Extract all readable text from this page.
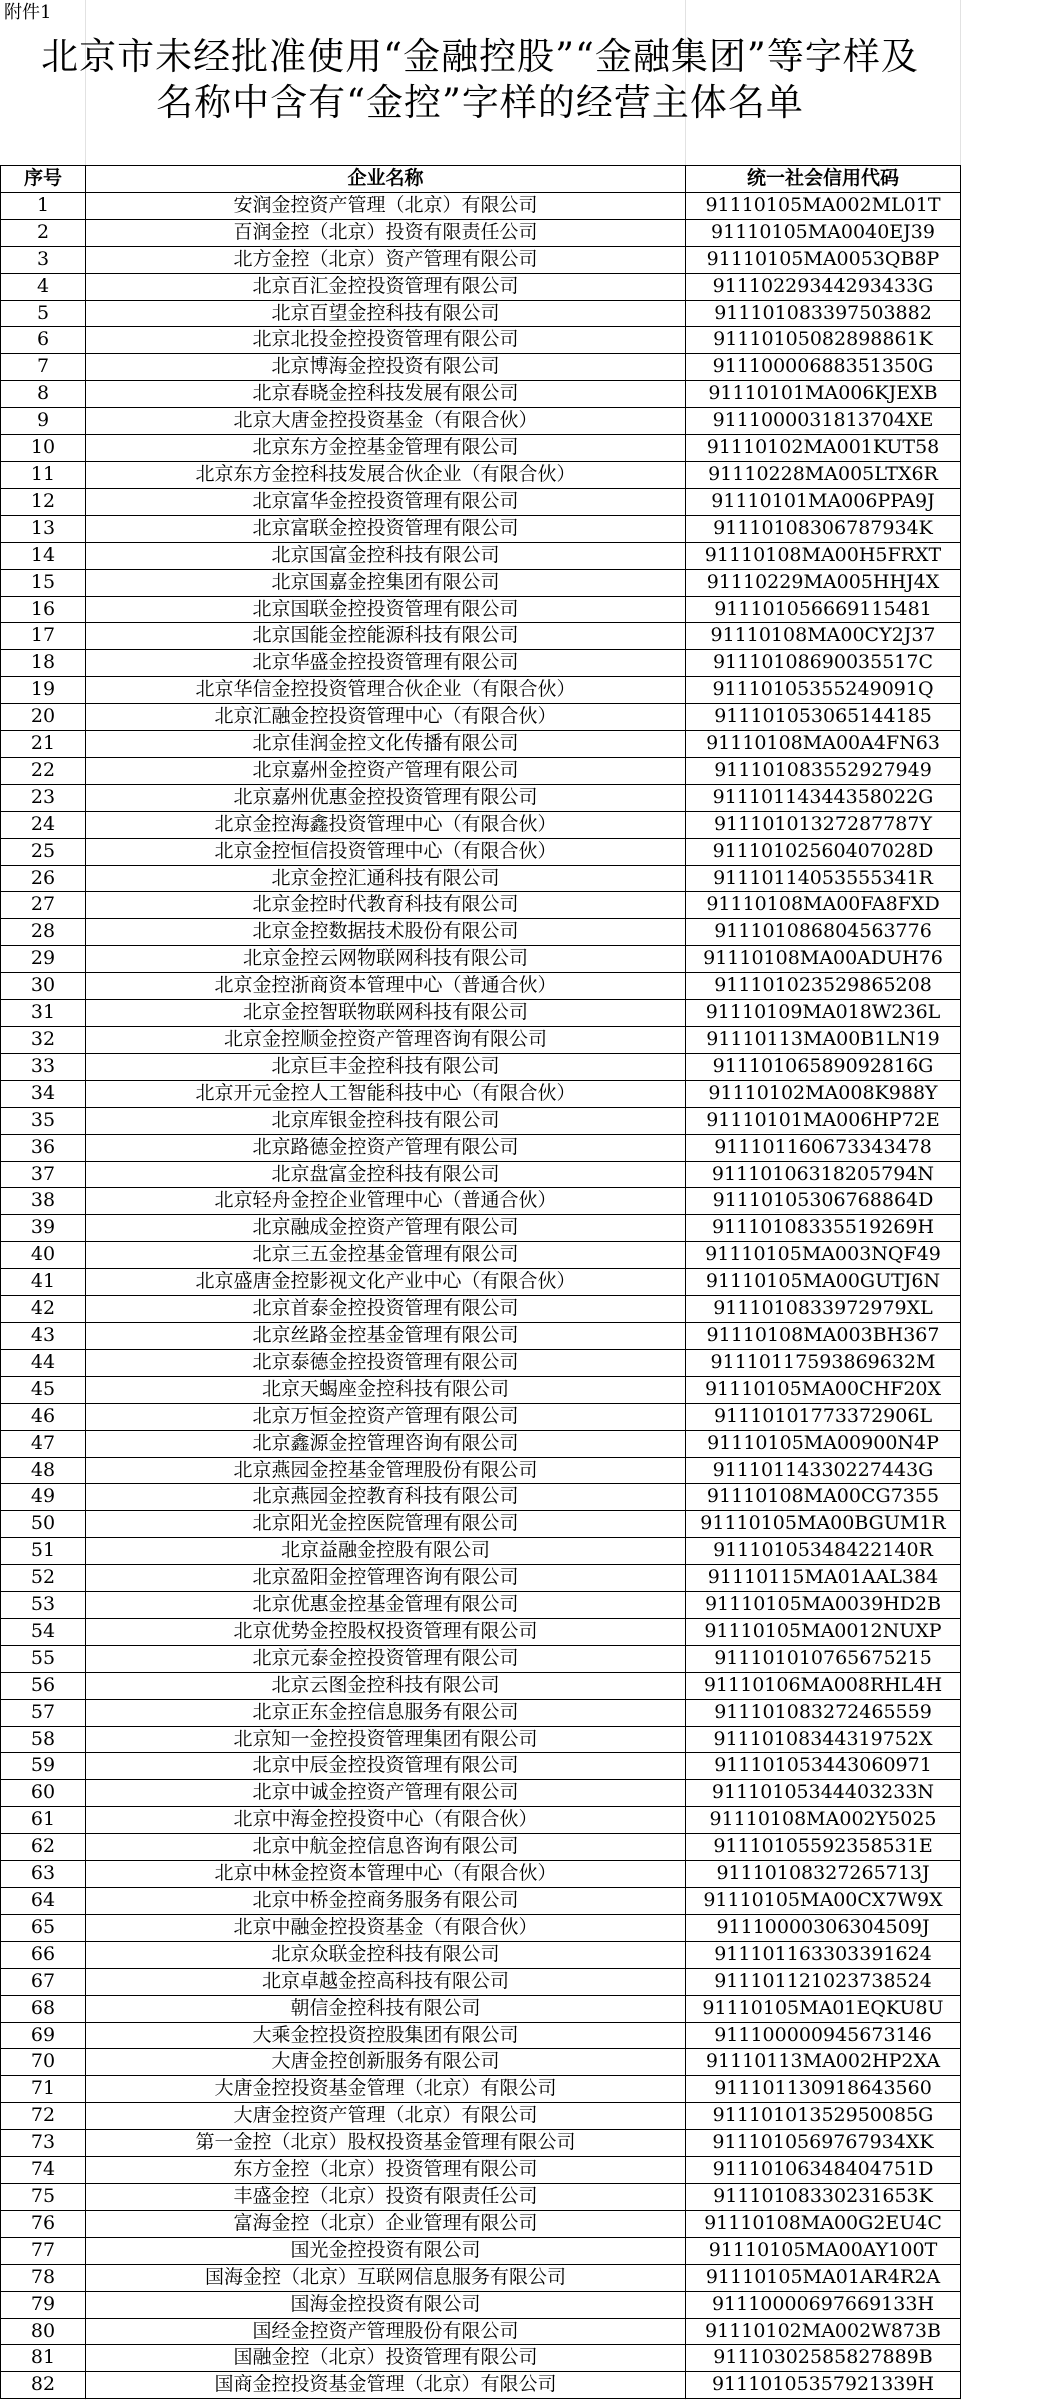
附件1
北京市未经批准使用“金融控股”“金融集团”等字样及
名称中含有“金控”字样的经营主体名单
序号	企业名称	统一社会信用代码
1	安润金控资产管理（北京）有限公司	91110105MA002ML01T
2	百润金控（北京）投资有限责任公司	91110105MA0040EJ39
3	北方金控（北京）资产管理有限公司	91110105MA0053QB8P
4	北京百汇金控投资管理有限公司	91110229344293433G
5	北京百望金控科技有限公司	911101083397503882
6	北京北投金控投资管理有限公司	91110105082898861K
7	北京博海金控投资有限公司	91110000688351350G
8	北京春晓金控科技发展有限公司	91110101MA006KJEXB
9	北京大唐金控投资基金（有限合伙）	9111000031813704XE
10	北京东方金控基金管理有限公司	91110102MA001KUT58
11	北京东方金控科技发展合伙企业（有限合伙）	91110228MA005LTX6R
12	北京富华金控投资管理有限公司	91110101MA006PPA9J
13	北京富联金控投资管理有限公司	91110108306787934K
14	北京国富金控科技有限公司	91110108MA00H5FRXT
15	北京国嘉金控集团有限公司	91110229MA005HHJ4X
16	北京国联金控投资管理有限公司	911101056669115481
17	北京国能金控能源科技有限公司	91110108MA00CY2J37
18	北京华盛金控投资管理有限公司	91110108690035517C
19	北京华信金控投资管理合伙企业（有限合伙）	91110105355249091Q
20	北京汇融金控投资管理中心（有限合伙）	911101053065144185
21	北京佳润金控文化传播有限公司	91110108MA00A4FN63
22	北京嘉州金控资产管理有限公司	911101083552927949
23	北京嘉州优惠金控投资管理有限公司	91110114344358022G
24	北京金控海鑫投资管理中心（有限合伙）	91110101327287787Y
25	北京金控恒信投资管理中心（有限合伙）	91110102560407028D
26	北京金控汇通科技有限公司	91110114053555341R
27	北京金控时代教育科技有限公司	91110108MA00FA8FXD
28	北京金控数据技术股份有限公司	911101086804563776
29	北京金控云网物联网科技有限公司	91110108MA00ADUH76
30	北京金控浙商资本管理中心（普通合伙）	911101023529865208
31	北京金控智联物联网科技有限公司	91110109MA018W236L
32	北京金控顺金控资产管理咨询有限公司	91110113MA00B1LN19
33	北京巨丰金控科技有限公司	91110106589092816G
34	北京开元金控人工智能科技中心（有限合伙）	91110102MA008K988Y
35	北京库银金控科技有限公司	91110101MA006HP72E
36	北京路德金控资产管理有限公司	911101160673343478
37	北京盘富金控科技有限公司	91110106318205794N
38	北京轻舟金控企业管理中心（普通合伙）	91110105306768864D
39	北京融成金控资产管理有限公司	91110108335519269H
40	北京三五金控基金管理有限公司	91110105MA003NQF49
41	北京盛唐金控影视文化产业中心（有限合伙）	91110105MA00GUTJ6N
42	北京首泰金控投资管理有限公司	9111010833972979XL
43	北京丝路金控基金管理有限公司	91110108MA003BH367
44	北京泰德金控投资管理有限公司	91110117593869632M
45	北京天蝎座金控科技有限公司	91110105MA00CHF20X
46	北京万恒金控资产管理有限公司	91110101773372906L
47	北京鑫源金控管理咨询有限公司	91110105MA00900N4P
48	北京燕园金控基金管理股份有限公司	91110114330227443G
49	北京燕园金控教育科技有限公司	91110108MA00CG7355
50	北京阳光金控医院管理有限公司	91110105MA00BGUM1R
51	北京益融金控股有限公司	91110105348422140R
52	北京盈阳金控管理咨询有限公司	91110115MA01AAL384
53	北京优惠金控基金管理有限公司	91110105MA0039HD2B
54	北京优势金控股权投资管理有限公司	91110105MA0012NUXP
55	北京元泰金控投资管理有限公司	911101010765675215
56	北京云图金控科技有限公司	91110106MA008RHL4H
57	北京正东金控信息服务有限公司	911101083272465559
58	北京知一金控投资管理集团有限公司	91110108344319752X
59	北京中辰金控投资管理有限公司	911101053443060971
60	北京中诚金控资产管理有限公司	91110105344403233N
61	北京中海金控投资中心（有限合伙）	91110108MA002Y5025
62	北京中航金控信息咨询有限公司	91110105592358531E
63	北京中林金控资本管理中心（有限合伙）	91110108327265713J
64	北京中桥金控商务服务有限公司	91110105MA00CX7W9X
65	北京中融金控投资基金（有限合伙）	91110000306304509J
66	北京众联金控科技有限公司	911101163303391624
67	北京卓越金控高科技有限公司	911101121023738524
68	朝信金控科技有限公司	91110105MA01EQKU8U
69	大乘金控投资控股集团有限公司	911100000945673146
70	大唐金控创新服务有限公司	91110113MA002HP2XA
71	大唐金控投资基金管理（北京）有限公司	911101130918643560
72	大唐金控资产管理（北京）有限公司	91110101352950085G
73	第一金控（北京）股权投资基金管理有限公司	9111010569767934XK
74	东方金控（北京）投资管理有限公司	91110106348404751D
75	丰盛金控（北京）投资有限责任公司	91110108330231653K
76	富海金控（北京）企业管理有限公司	91110108MA00G2EU4C
77	国光金控投资有限公司	91110105MA00AY100T
78	国海金控（北京）互联网信息服务有限公司	91110105MA01AR4R2A
79	国海金控投资有限公司	91110000697669133H
80	国经金控资产管理股份有限公司	91110102MA002W873B
81	国融金控（北京）投资管理有限公司	91110302585827889B
82	国商金控投资基金管理（北京）有限公司	91110105357921339H
